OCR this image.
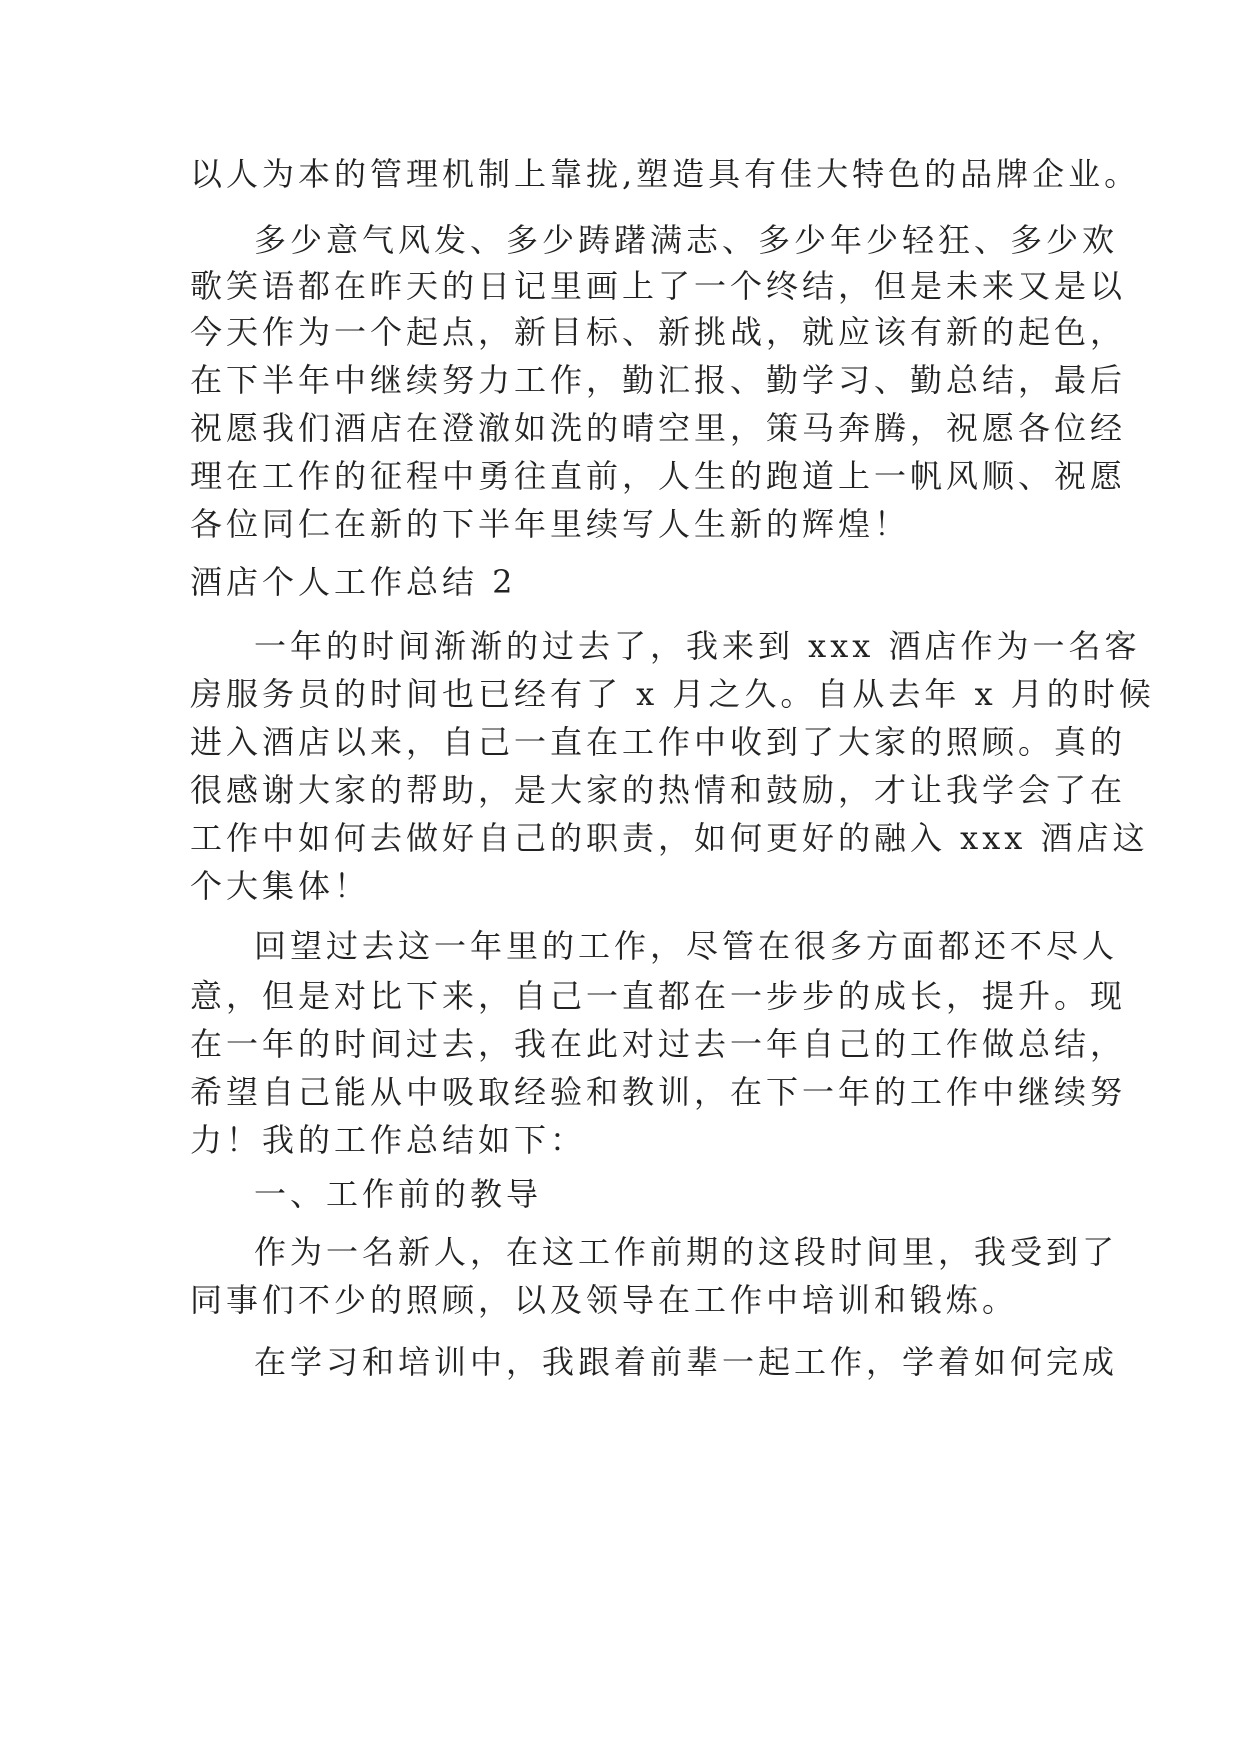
以人为本的管理机制上靠拢,塑造具有佳大特色的品牌企业。
多少意气风发、多少踌躇满志、多少年少轻狂、多少欢
歌笑语都在昨天的日记里画上了一个终结，但是未来又是以
今天作为一个起点，新目标、新挑战，就应该有新的起色，
在下半年中继续努力工作，勤汇报、勤学习、勤总结，最后
祝愿我们酒店在澄澈如洗的晴空里，策马奔腾，祝愿各位经
理在工作的征程中勇往直前，人生的跑道上一帆风顺、祝愿
各位同仁在新的下半年里续写人生新的辉煌！
酒店个人工作总结 2
一年的时间渐渐的过去了，我来到 xxx 酒店作为一名客
房服务员的时间也已经有了 x 月之久。自从去年 x 月的时候
进入酒店以来，自己一直在工作中收到了大家的照顾。真的
很感谢大家的帮助，是大家的热情和鼓励，才让我学会了在
工作中如何去做好自己的职责，如何更好的融入 xxx 酒店这
个大集体！
回望过去这一年里的工作，尽管在很多方面都还不尽人
意，但是对比下来，自己一直都在一步步的成长，提升。现
在一年的时间过去，我在此对过去一年自己的工作做总结，
希望自己能从中吸取经验和教训，在下一年的工作中继续努
力！我的工作总结如下：
一、工作前的教导
作为一名新人，在这工作前期的这段时间里，我受到了
同事们不少的照顾，以及领导在工作中培训和锻炼。
在学习和培训中，我跟着前辈一起工作，学着如何完成
